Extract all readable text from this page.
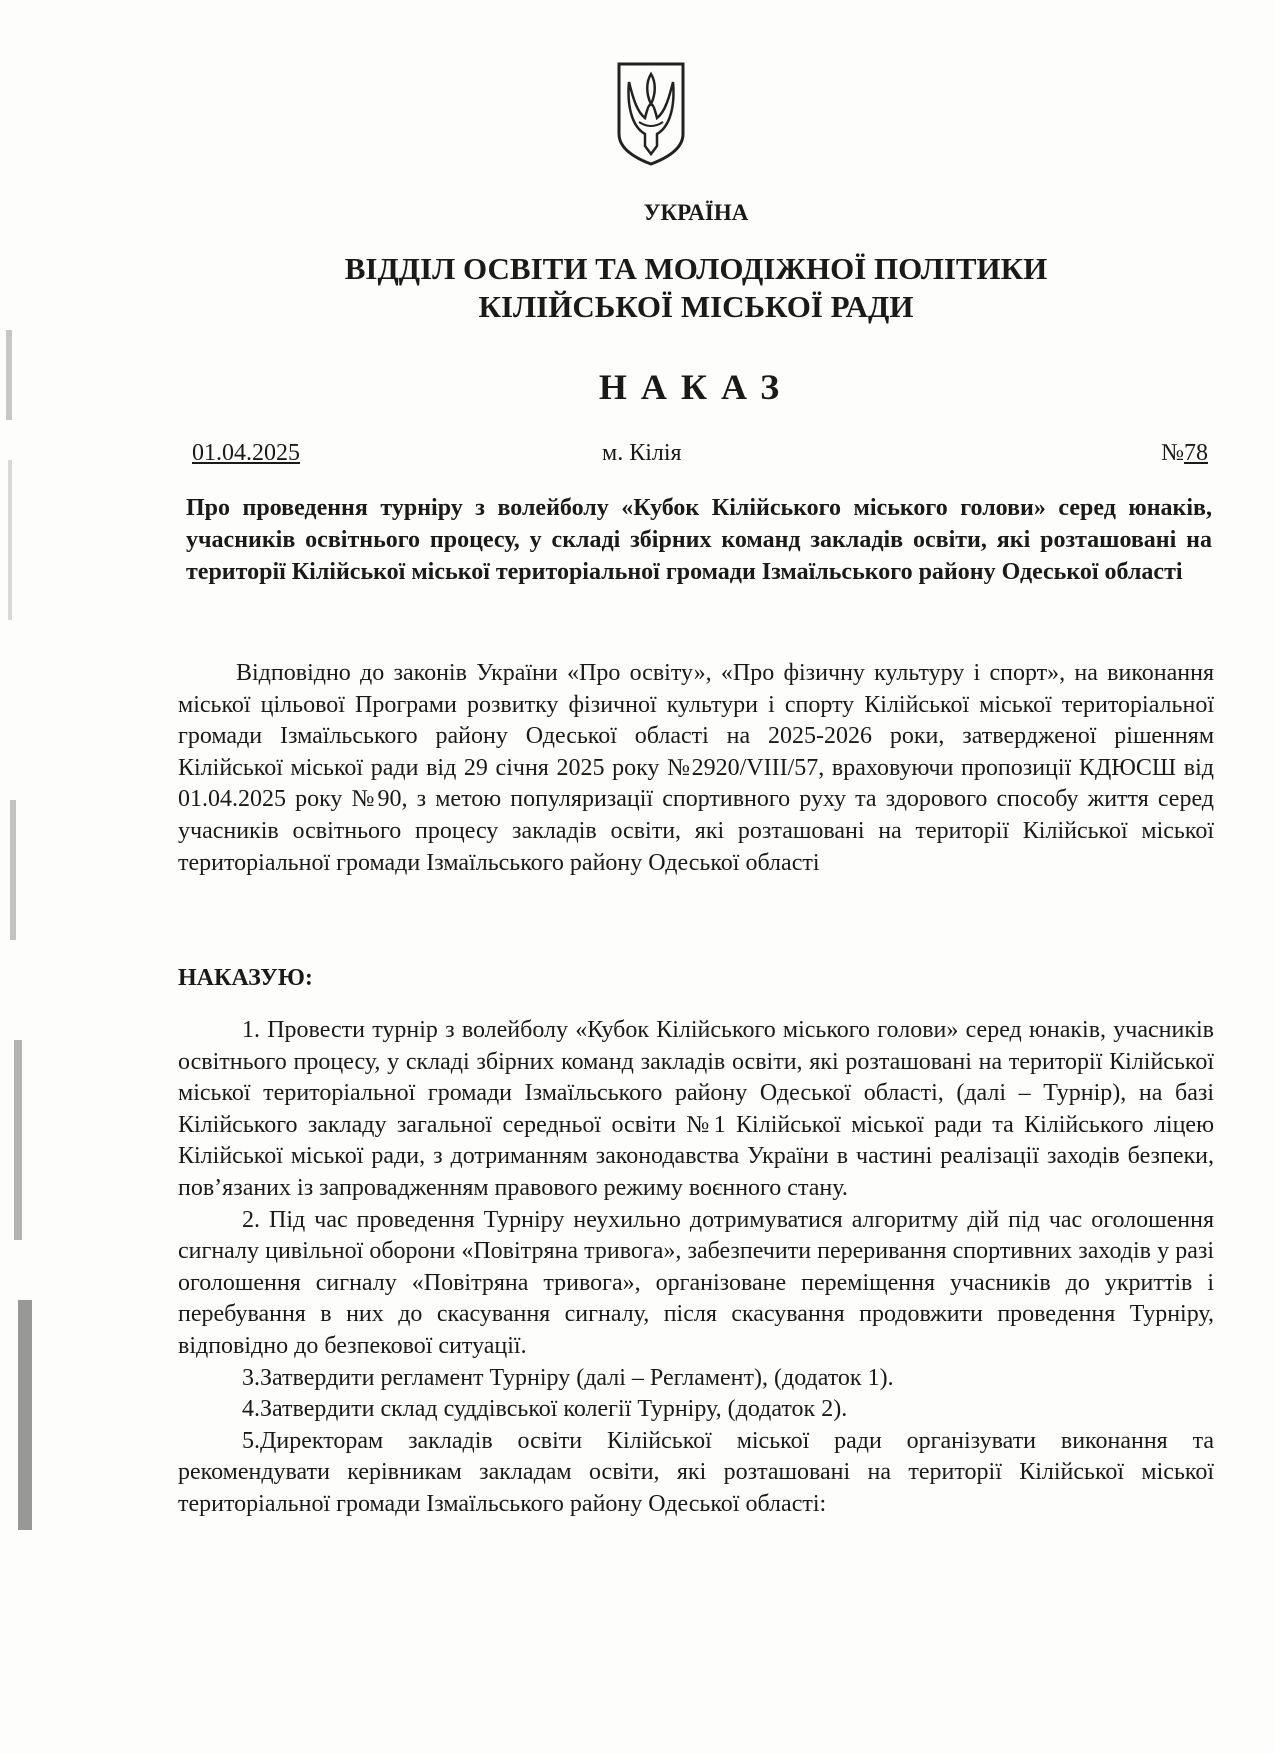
УКРАЇНА
ВІДДІЛ ОСВІТИ ТА МОЛОДІЖНОЇ ПОЛІТИКИ
КІЛІЙСЬКОЇ МІСЬКОЇ РАДИ
НАКАЗ
01.04.2025	м. Кілія	№78

Про проведення турніру з волейболу «Кубок Кілійського міського голови» серед юнаків, учасників освітнього процесу, у складі збірних команд закладів освіти, які розташовані на території Кілійської міської територіальної громади Ізмаїльського району Одеської області

Відповідно до законів України «Про освіту», «Про фізичну культуру і спорт», на виконання міської цільової Програми розвитку фізичної культури і спорту Кілійської міської територіальної громади Ізмаїльського району Одеської області на 2025-2026 роки, затвердженої рішенням Кілійської міської ради від 29 січня 2025 року №2920/VIII/57, враховуючи пропозиції КДЮСШ від 01.04.2025 року №90, з метою популяризації спортивного руху та здорового способу життя серед учасників освітнього процесу закладів освіти, які розташовані на території Кілійської міської територіальної громади Ізмаїльського району Одеської області

НАКАЗУЮ:
1. Провести турнір з волейболу «Кубок Кілійського міського голови» серед юнаків, учасників освітнього процесу, у складі збірних команд закладів освіти, які розташовані на території Кілійської міської територіальної громади Ізмаїльського району Одеської області, (далі – Турнір), на базі Кілійського закладу загальної середньої освіти №1 Кілійської міської ради та Кілійського ліцею Кілійської міської ради, з дотриманням законодавства України в частині реалізації заходів безпеки, пов’язаних із запровадженням правового режиму воєнного стану.
2. Під час проведення Турніру неухильно дотримуватися алгоритму дій під час оголошення сигналу цивільної оборони «Повітряна тривога», забезпечити переривання спортивних заходів у разі оголошення сигналу «Повітряна тривога», організоване переміщення учасників до укриттів і перебування в них до скасування сигналу, після скасування продовжити проведення Турніру, відповідно до безпекової ситуації.
3.Затвердити регламент Турніру (далі – Регламент), (додаток 1).
4.Затвердити склад суддівської колегії Турніру, (додаток 2).
5.Директорам закладів освіти Кілійської міської ради організувати виконання та рекомендувати керівникам закладам освіти, які розташовані на території Кілійської міської територіальної громади Ізмаїльського району Одеської області:
